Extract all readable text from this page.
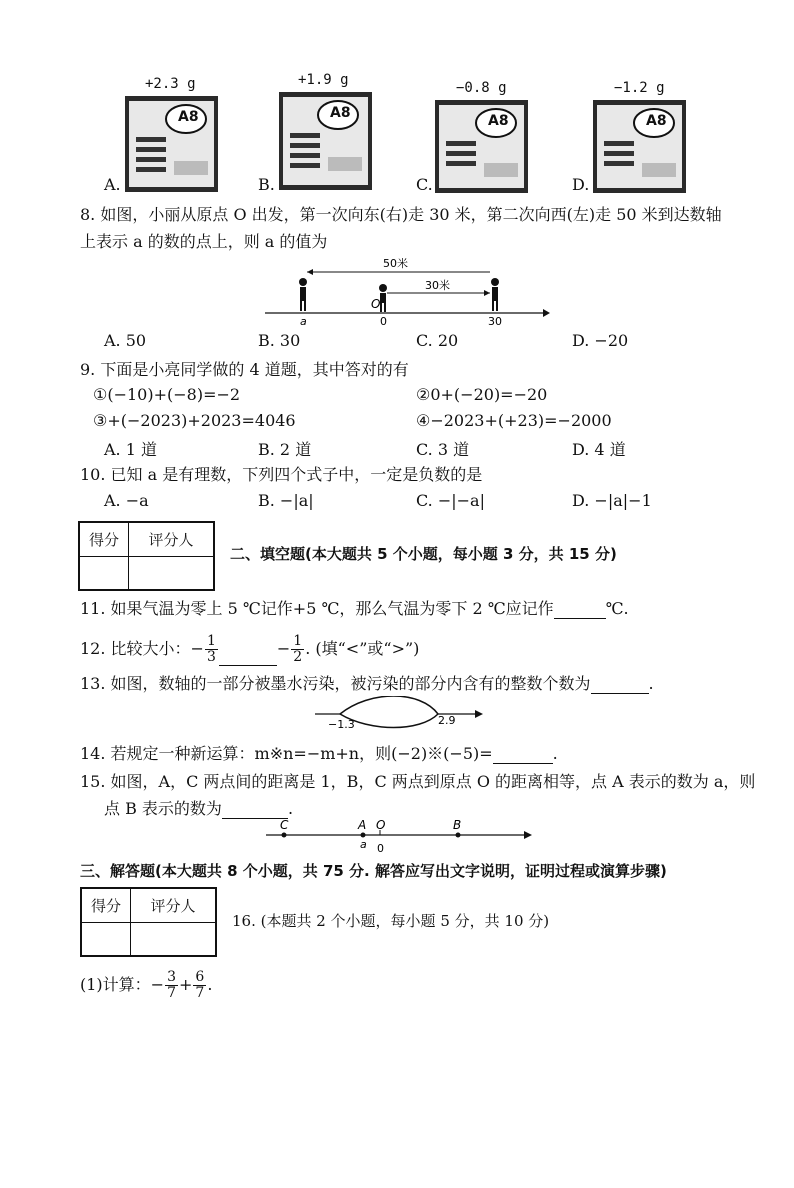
+2.3 g	+1.9 g	−0.8 g	−1.2 g
A.	B.	C.	D.
A8	A8	A8	A8
8. 如图，小丽从原点 O 出发，第一次向东(右)走 30 米，第二次向西(左)走 50 米到达数轴
上表示 a 的数的点上，则 a 的值为
50米
30米
O
a	0	30
A. 50	B. 30	C. 20	D. −20
9. 下面是小亮同学做的 4 道题，其中答对的有
①(−10)+(−8)=−2	②0+(−20)=−20
③+(−2023)+2023=4046	④−2023+(+23)=−2000
A. 1 道	B. 2 道	C. 3 道	D. 4 道
10. 已知 a 是有理数，下列四个式子中，一定是负数的是
A. −a	B. −|a|	C. −|−a|	D. −|a|−1
得分	评分人

二、填空题(本大题共 5 个小题，每小题 3 分，共 15 分)
11. 如果气温为零上 5 ℃记作+5 ℃，那么气温为零下 2 ℃应记作	℃.
12. 比较大小：− $\frac{1}{3}$	− $\frac{1}{2}$ . (填“<”或“>”)
13. 如图，数轴的一部分被墨水污染，被污染的部分内含有的整数个数为	.
−1.3	2.9
14. 若规定一种新运算：m※n=−m+n，则(−2)※(−5)=	.
15. 如图，A，C 两点间的距离是 1，B，C 两点到原点 O 的距离相等，点 A 表示的数为 a，则
点 B 表示的数为	.
C	A O	B
a 0
三、解答题(本大题共 8 个小题，共 75 分. 解答应写出文字说明，证明过程或演算步骤)
得分	评分人

16. (本题共 2 个小题，每小题 5 分，共 10 分)
(1)计算：− $\frac{3}{7} + \frac{6}{7}$ .
